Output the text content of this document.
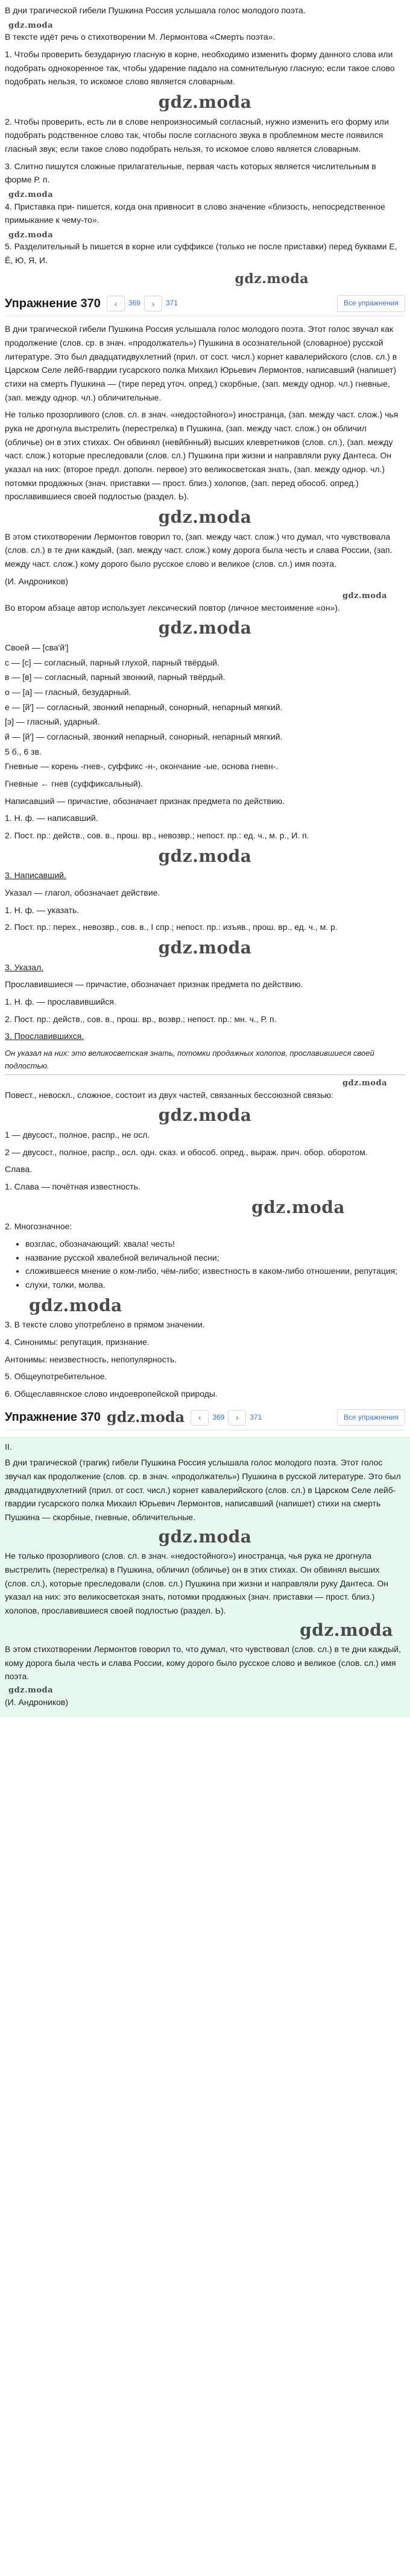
В дни трагической гибели Пушкина Россия услышала голос молодого поэта.

gdz.moda

В тексте идёт речь о стихотворении М. Лермонтова «Смерть поэта».

1. Чтобы проверить безударную гласную в корне, необходимо изменить форму данного слова или подобрать однокоренное так, чтобы ударение падало на сомнительную гласную; если такое слово подобрать нельзя, то искомое слово является словарным.

gdz.moda

2. Чтобы проверить, есть ли в слове непроизносимый согласный, нужно изменить его форму или подобрать родственное слово так, чтобы после согласного звука в проблемном месте появился гласный звук; если такое слово подобрать нельзя, то искомое слово является словарным.

3. Слитно пишутся сложные прилагательные, первая часть которых является числительным в форме Р. п.

gdz.moda

4. Приставка при- пишется, когда она привносит в слово значение «близость, непосредственное примыкание к чему-то».

gdz.moda

5. Разделительный Ь пишется в корне или суффиксе (только не после приставки) перед буквами Е, Ё, Ю, Я, И.

gdz.moda
Упражнение 370 ‹ 369 › 371	Все упражнения

В дни трагической гибели Пушкина Россия услышала голос молодого поэта. Этот голос звучал как продолжение (слов. ср. в знач. «продолжатель») Пушкина в оcoзнательной (словарное) русской литературе. Это был двадцатидвухлетний (прил. от сост. числ.) корнет кавалерийского (слов. сл.) в Царском Селе лейб-гвардии гусарского полка Михаил Юрьевич Лермонтов, написавший (напишет) стихи на смерть Пушкина — (тире перед уточ. опред.) скорбные, (зап. между однор. чл.) гневные, (зап. между однор. чл.) обличительные.

Не только прозорливого (слов. сл. в знач. «недостойного») иностранца, (зап. между част. слож.) чья рука не дрогнула выстрелить (перестрелка) в Пушкина, (зап. между част. слож.) он обличил (обличье) он в этих стихах. Он обвинял (невйбнный) высших клевретников (слов. сл.), (зап. между част. слож.) которые преследовали (слов. сл.) Пушкина при жизни и направляли руку Дантеса. Он указал на них: (второе предл. дополн. первое) это великосветская знать, (зап. между однор. чл.) потомки продажных (знач. приставки — прост. близ.) холопов, (зап. перед обособ. опред.) прославившиеся своей подлостью (раздел. Ь).

gdz.moda

В этом стихотворении Лермонтов говорил то, (зап. между част. слож.) что думал, что чувствовала (слов. сл.) в те дни каждый, (зап. между част. слож.) кому дорога была честь и слава России, (зап. между част. слож.) кому дорого было русское слово и великое (слов. сл.) имя поэта.

(И. Андроников)

gdz.moda

Во втором абзаце автор использует лексический повтор (личное местоимение «он»).

gdz.moda

Своей — [сва'й']

с — [с] — согласный, парный глухой, парный твёрдый.

в — [в] — согласный, парный звонкий, парный твёрдый.

о — [а] — гласный, безударный.

е — [й'] — согласный, звонкий непарный, сонорный, непарный мягкий.

[э] — гласный, ударный.

й — [й'] — согласный, звонкий непарный, сонорный, непарный мягкий.

5 б., 6 зв.

Гневные — корень -гнев-, суффикс -н-, окончание -ые, основа гневн-.

Гневные ← гнев (суффиксальный).

Написавший — причастие, обозначает признак предмета по действию.

1. Н. ф. — написавший.

2. Пост. пр.: действ., сов. в., прош. вр., невозвр.; непост. пр.: ед. ч., м. р., И. п.

gdz.moda

3. Написавший.

Указал — глагол, обозначает действие.

1. Н. ф. — указать.

2. Пост. пр.: перех., невозвр., сов. в., I спр.; непост. пр.: изъяв., прош. вр., ед. ч., м. р.

gdz.moda

3. Указал.

Прославившиеся — причастие, обозначает признак предмета по действию.

1. Н. ф. — прославившийся.

2. Пост. пр.: действ., сов. в., прош. вр., возвр.; непост. пр.: мн. ч., Р. п.

3. Прославившихся.

Он указал на них: это великосветская знать, потомки продажных холопов, прославившиеся своей подлостью.

gdz.moda

Повест., невоскл., сложное, состоит из двух частей, связанных бессоюзной связью:

gdz.moda

1 — двусост., полное, распр., не осл.

2 — двусост., полное, распр., осл. одн. сказ. и обособ. опред., выраж. прич. обор. оборотом.

Слава.

1. Слава — почётная известность.

gdz.moda

2. Многозначное:

• возглас, обозначающий: хвала! честь!
• название русской хвалебной величальной песни;
• сложившееся мнение о ком-либо, чём-либо; известность в каком-либо отношении, репутация;
• слухи, толки, молва.
gdz.moda

3. В тексте слово употреблено в прямом значении.

4. Синонимы: репутация, признание.

Антонимы: неизвестность, непопулярность.

5. Общеупотребительное.

6. Общеславянское слово индоевропейской природы.

Упражнение 370 gdz.moda ‹ 369 › 371	Все упражнения

II.

В дни трагической (трагик) гибели Пушкина Россия услышала голос молодого поэта. Этот голос звучал как продолжение (слов. ср. в знач. «продолжатель») Пушкина в русской литературе. Это был двадцатидвухлетний (прил. от сост. числ.) корнет кавалерийского (слов. сл.) в Царском Селе лейб-гвардии гусарского полка Михаил Юрьевич Лермонтов, написавший (напишет) стихи на смерть Пушкина — скорбные, гневные, обличительные.

gdz.moda

Не только прозорливого (слов. сл. в знач. «недостойного») иностранца, чья рука не дрогнула выстрелить (перестрелка) в Пушкина, обличил (обличье) он в этих стихах. Он обвинял высших (слов. сл.), которые преследовали (слов. сл.) Пушкина при жизни и направляли руку Дантеса. Он указал на них: это великосветская знать, потомки продажных (знач. приставки — прост. близ.) холопов, прославившиеся своей подлостью (раздел. Ь).

gdz.moda

В этом стихотворении Лермонтов говорил то, что думал, что чувствовал (слов. сл.) в те дни каждый, кому дорога была честь и слава России, кому дорого было русское слово и великое (слов. сл.) имя поэта.

gdz.moda

(И. Андроников)
